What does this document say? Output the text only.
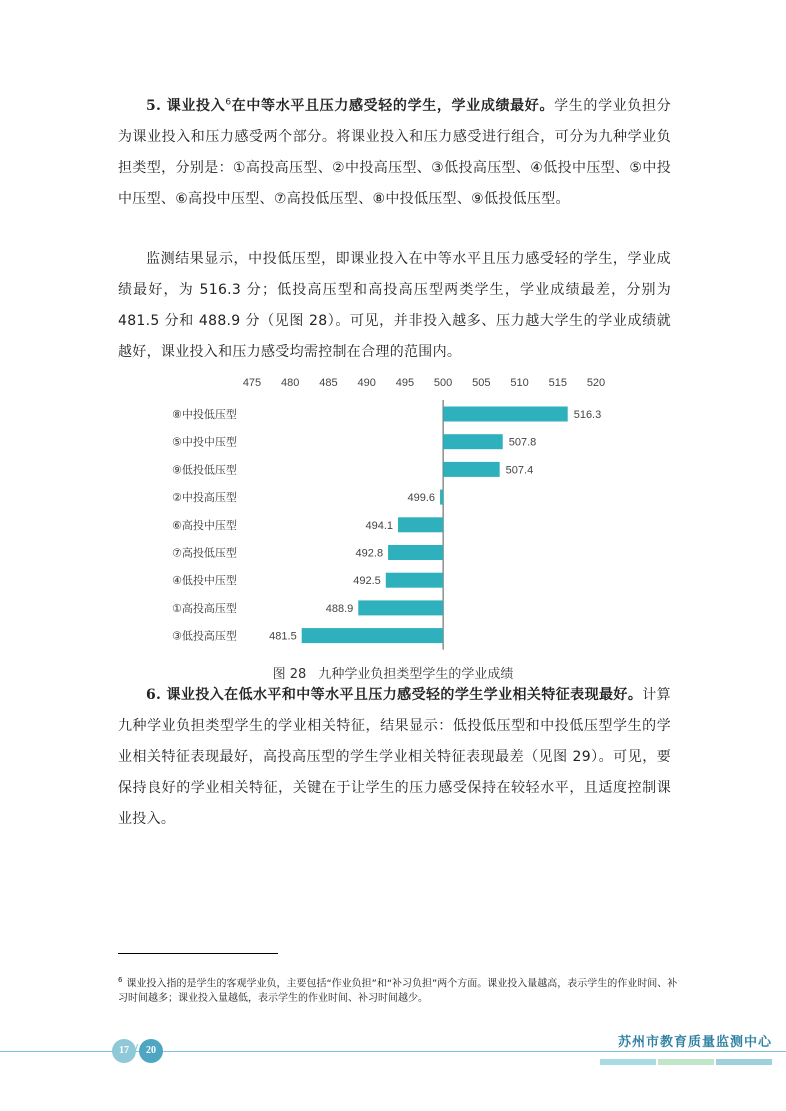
5. 课业投入$^6$在中等水平且压力感受轻的学生，学业成绩最好。学生的学业负担分为课业投入和压力感受两个部分。将课业投入和压力感受进行组合，可分为九种学业负担类型，分别是：①高投高压型、②中投高压型、③低投高压型、④低投中压型、⑤中投中压型、⑥高投中压型、⑦高投低压型、⑧中投低压型、⑨低投低压型。

监测结果显示，中投低压型，即课业投入在中等水平且压力感受轻的学生，学业成绩最好，为 516.3 分；低投高压型和高投高压型两类学生，学业成绩最差，分别为 481.5 分和 488.9 分（见图 28）。可见，并非投入越多、压力越大学生的学业成绩就越好，课业投入和压力感受均需控制在合理的范围内。

475 480 485 490 495 500 505 510 515 520
⑧中投低压型	516.3
⑤中投中压型	507.8
⑨低投低压型	507.4
②中投高压型	499.6
⑥高投中压型	494.1
⑦高投低压型	492.8
④低投中压型	492.5
①高投高压型	488.9
③低投高压型	481.5
图 28 九种学业负担类型学生的学业成绩

6. 课业投入在低水平和中等水平且压力感受轻的学生学业相关特征表现最好。计算九种学业负担类型学生的学业相关特征，结果显示：低投低压型和中投低压型学生的学业相关特征表现最好，高投高压型的学生学业相关特征表现最差（见图 29）。可见，要保持良好的学业相关特征，关键在于让学生的压力感受保持在较轻水平，且适度控制课业投入。

$^6$ 课业投入指的是学生的客观学业负，主要包括“作业负担”和“补习负担”两个方面。课业投入量越高，表示学生的作业时间、补习时间越多；课业投入量越低，表示学生的作业时间、补习时间越少。
17 / 20
苏州市教育质量监测中心
